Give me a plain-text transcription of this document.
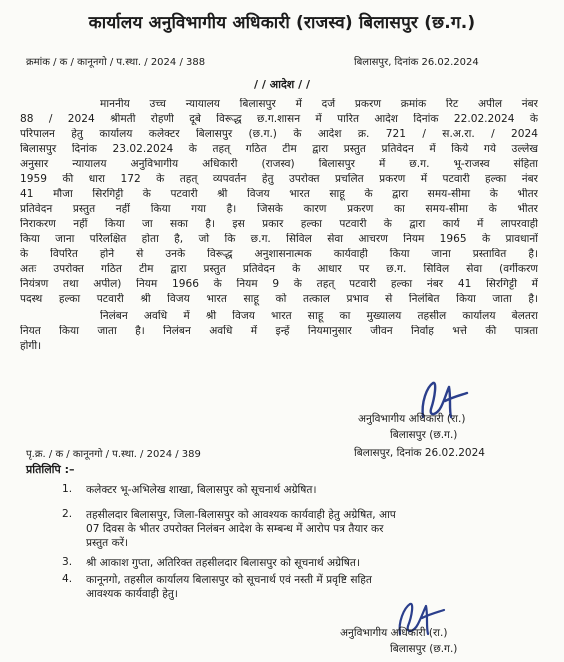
कार्यालय अनुविभागीय अधिकारी (राजस्व) बिलासपुर (छ.ग.)
क्रमांक / क / कानूनगो / प.स्था. / 2024 / 388	बिलासपुर, दिनांक 26.02.2024
/ / आदेश / /
माननीय उच्च न्यायालय बिलासपुर में दर्ज प्रकरण क्रमांक रिट अपील नंबर
88 / 2024 श्रीमती रोहणी दूबे विरूद्ध छ.ग.शासन में पारित आदेश दिनांक 22.02.2024 के
परिपालन हेतु कार्यालय कलेक्टर बिलासपुर (छ.ग.) के आदेश क्र. 721 / स.अ.रा. / 2024
बिलासपुर दिनांक 23.02.2024 के तहत् गठित टीम द्वारा प्रस्तुत प्रतिवेदन में किये गये उल्लेख
अनुसार न्यायालय अनुविभागीय अधिकारी (राजस्व) बिलासपुर में छ.ग. भू-राजस्व संहिता
1959 की धारा 172 के तहत् व्यपवर्तन हेतु उपरोक्त प्रचलित प्रकरण में पटवारी हल्का नंबर
41 मौजा सिरगिट्टी के पटवारी श्री विजय भारत साहू के द्वारा समय-सीमा के भीतर
प्रतिवेदन प्रस्तुत नहीं किया गया है। जिसके कारण प्रकरण का समय-सीमा के भीतर
निराकरण नहीं किया जा सका है। इस प्रकार हल्का पटवारी के द्वारा कार्य में लापरवाही
किया जाना परिलक्षित होता है, जो कि छ.ग. सिविल सेवा आचरण नियम 1965 के प्रावधानों
के विपरित होने से उनके विरूद्ध अनुशासनात्मक कार्यवाही किया जाना प्रस्तावित है।
अतः उपरोक्त गठित टीम द्वारा प्रस्तुत प्रतिवेदन के आधार पर छ.ग. सिविल सेवा (वर्गीकरण
नियंत्रण तथा अपील) नियम 1966 के नियम 9 के तहत् पटवारी हल्का नंबर 41 सिरगिट्टी में
पदस्थ हल्का पटवारी श्री विजय भारत साहू को तत्काल प्रभाव से निलंबित किया जाता है।
निलंबन अवधि में श्री विजय भारत साहू का मुख्यालय तहसील कार्यालय बेलतरा
नियत किया जाता है। निलंबन अवधि में इन्हें नियमानुसार जीवन निर्वाह भत्ते की पात्रता
होगी।
अनुविभागीय अधिकारी (रा.)
बिलासपुर (छ.ग.)
बिलासपुर, दिनांक 26.02.2024
पृ.क्र. / क / कानूनगो / प.स्था. / 2024 / 389
प्रतिलिपि :–
1. कलेक्टर भू-अभिलेख शाखा, बिलासपुर को सूचनार्थ अग्रेषित।
2. तहसीलदार बिलासपुर, जिला-बिलासपुर को आवश्यक कार्यवाही हेतु अग्रेषित, आप
07 दिवस के भीतर उपरोक्त निलंबन आदेश के सम्बन्ध में आरोप पत्र तैयार कर
प्रस्तुत करें।
3. श्री आकाश गुप्ता, अतिरिक्त तहसीलदार बिलासपुर को सूचनार्थ अग्रेषित।
4. कानूनगो, तहसील कार्यालय बिलासपुर को सूचनार्थ एवं नस्ती में प्रवृष्टि सहित
आवश्यक कार्यवाही हेतु।
अनुविभागीय अधिकारी (रा.)
बिलासपुर (छ.ग.)
